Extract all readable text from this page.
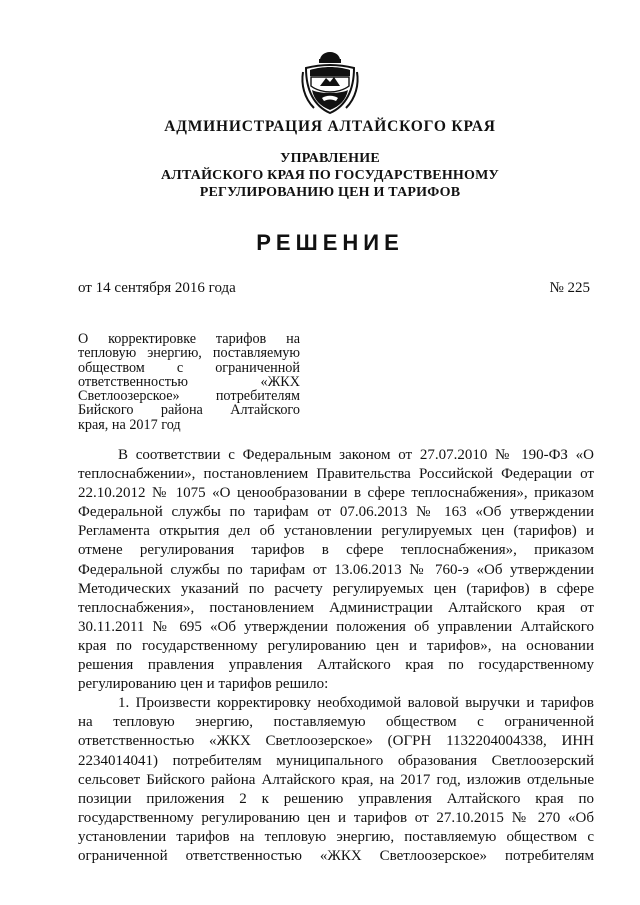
АДМИНИСТРАЦИЯ АЛТАЙСКОГО КРАЯ
УПРАВЛЕНИЕ
АЛТАЙСКОГО КРАЯ ПО ГОСУДАРСТВЕННОМУ
РЕГУЛИРОВАНИЮ ЦЕН И ТАРИФОВ
РЕШЕНИЕ
от 14 сентября 2016 года	№ 225
О корректировке тарифов на
тепловую энергию, поставляемую
обществом с ограниченной
ответственностью «ЖКХ
Светлоозерское» потребителям
Бийского района Алтайского
края, на 2017 год
В соответствии с Федеральным законом от 27.07.2010 № 190-ФЗ «О
теплоснабжении», постановлением Правительства Российской Федерации от
22.10.2012 № 1075 «О ценообразовании в сфере теплоснабжения», приказом
Федеральной службы по тарифам от 07.06.2013 № 163 «Об утверждении
Регламента открытия дел об установлении регулируемых цен (тарифов) и
отмене регулирования тарифов в сфере теплоснабжения», приказом
Федеральной службы по тарифам от 13.06.2013 № 760-э «Об утверждении
Методических указаний по расчету регулируемых цен (тарифов) в сфере
теплоснабжения», постановлением Администрации Алтайского края от
30.11.2011 № 695 «Об утверждении положения об управлении Алтайского
края по государственному регулированию цен и тарифов», на основании
решения правления управления Алтайского края по государственному
регулированию цен и тарифов решило:
1. Произвести корректировку необходимой валовой выручки и тарифов
на тепловую энергию, поставляемую обществом с ограниченной
ответственностью «ЖКХ Светлоозерское» (ОГРН 1132204004338, ИНН
2234014041) потребителям муниципального образования Светлоозерский
сельсовет Бийского района Алтайского края, на 2017 год, изложив отдельные
позиции приложения 2 к решению управления Алтайского края по
государственному регулированию цен и тарифов от 27.10.2015 № 270 «Об
установлении тарифов на тепловую энергию, поставляемую обществом с
ограниченной ответственностью «ЖКХ Светлоозерское» потребителям
